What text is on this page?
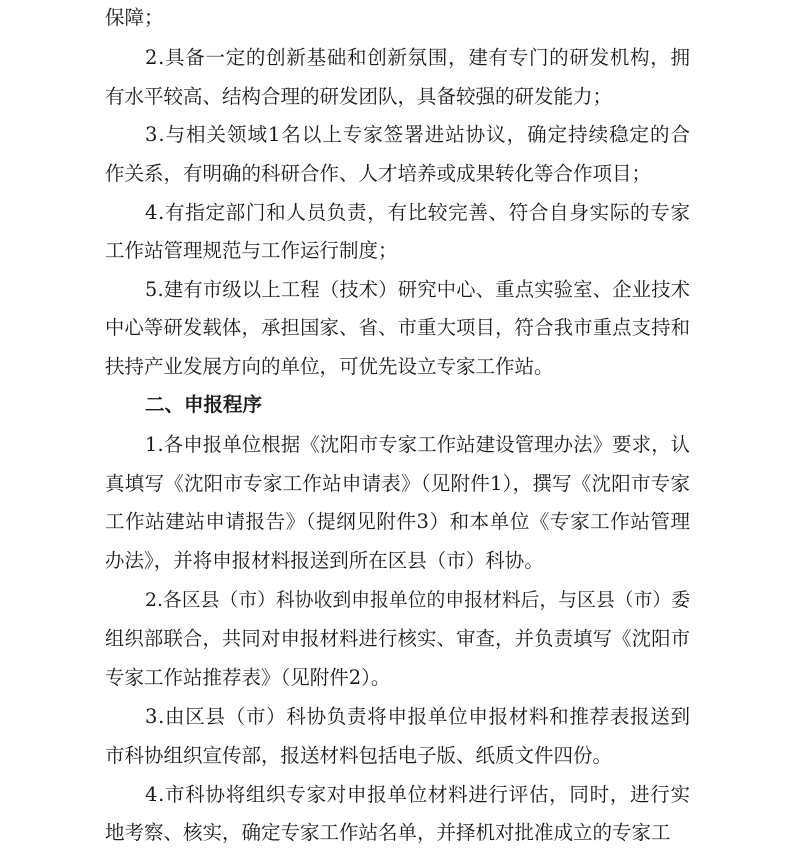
保障；
2.具备一定的创新基础和创新氛围，建有专门的研发机构，拥
有水平较高、结构合理的研发团队，具备较强的研发能力；
3.与相关领域1名以上专家签署进站协议，确定持续稳定的合
作关系，有明确的科研合作、人才培养或成果转化等合作项目；
4.有指定部门和人员负责，有比较完善、符合自身实际的专家
工作站管理规范与工作运行制度；
5.建有市级以上工程（技术）研究中心、重点实验室、企业技术
中心等研发载体，承担国家、省、市重大项目，符合我市重点支持和
扶持产业发展方向的单位，可优先设立专家工作站。
二、申报程序
1.各申报单位根据《沈阳市专家工作站建设管理办法》要求，认
真填写《沈阳市专家工作站申请表》（见附件1），撰写《沈阳市专家
工作站建站申请报告》（提纲见附件3）和本单位《专家工作站管理
办法》，并将申报材料报送到所在区县（市）科协。
2.各区县（市）科协收到申报单位的申报材料后，与区县（市）委
组织部联合，共同对申报材料进行核实、审查，并负责填写《沈阳市
专家工作站推荐表》（见附件2）。
3.由区县（市）科协负责将申报单位申报材料和推荐表报送到
市科协组织宣传部，报送材料包括电子版、纸质文件四份。
4.市科协将组织专家对申报单位材料进行评估，同时，进行实
地考察、核实，确定专家工作站名单，并择机对批准成立的专家工
